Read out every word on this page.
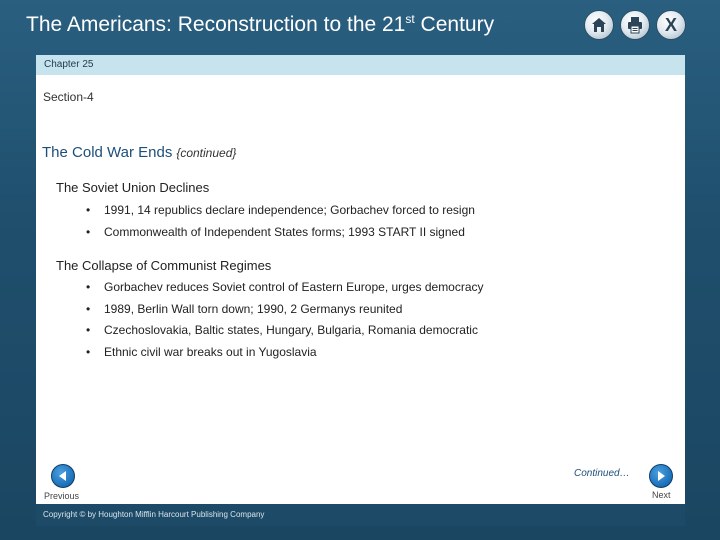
The Americans: Reconstruction to the 21st Century	X
Chapter 25
Section-4
The Cold War Ends {continued}
The Soviet Union Declines
• 1991, 14 republics declare independence; Gorbachev forced to resign
• Commonwealth of Independent States forms; 1993 START II signed
The Collapse of Communist Regimes
• Gorbachev reduces Soviet control of Eastern Europe, urges democracy
• 1989, Berlin Wall torn down; 1990, 2 Germanys reunited
• Czechoslovakia, Baltic states, Hungary, Bulgaria, Romania democratic
• Ethnic civil war breaks out in Yugoslavia
Continued…
Previous	Next
Copyright © by Houghton Mifflin Harcourt Publishing Company
